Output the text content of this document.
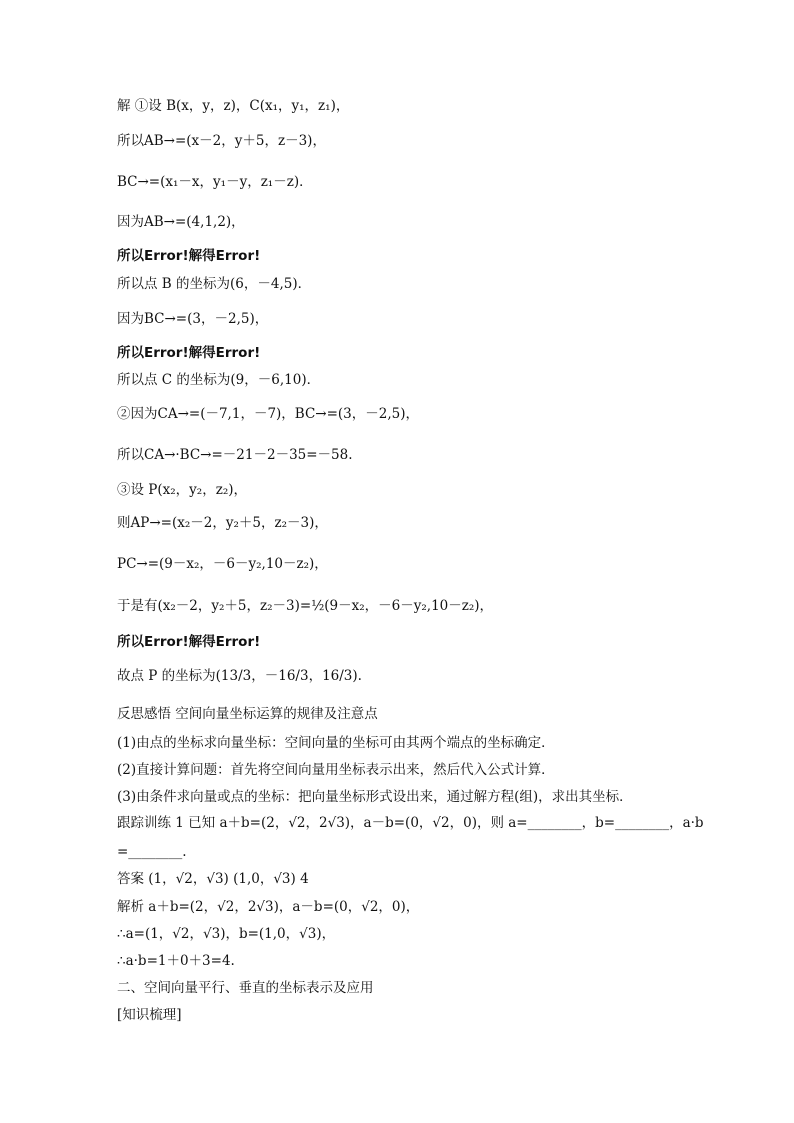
解 ①设 B(x，y，z)，C(x₁，y₁，z₁)，
所以AB→=(x－2，y＋5，z－3)，
BC→=(x₁－x，y₁－y，z₁－z)．
因为AB→=(4,1,2)，
所以Error!解得Error!
所以点 B 的坐标为(6，－4,5)．
因为BC→=(3，－2,5)，
所以Error!解得Error!
所以点 C 的坐标为(9，－6,10)．
②因为CA→=(－7,1，－7)，BC→=(3，－2,5)，
所以CA→·BC→=－21－2－35=－58.
③设 P(x₂，y₂，z₂)，
则AP→=(x₂－2，y₂＋5，z₂－3)，
PC→=(9－x₂，－6－y₂,10－z₂)，
于是有(x₂－2，y₂＋5，z₂－3)=½(9－x₂，－6－y₂,10－z₂)，
所以Error!解得Error!
故点 P 的坐标为(13/3，－16/3，16/3).
反思感悟 空间向量坐标运算的规律及注意点
(1)由点的坐标求向量坐标：空间向量的坐标可由其两个端点的坐标确定．
(2)直接计算问题：首先将空间向量用坐标表示出来，然后代入公式计算．
(3)由条件求向量或点的坐标：把向量坐标形式设出来，通过解方程(组)，求出其坐标．
跟踪训练 1 已知 a＋b=(2，√2，2√3)，a－b=(0，√2，0)，则 a=________，b=________，a·b
=________.
答案 (1，√2，√3) (1,0，√3) 4
解析 a＋b=(2，√2，2√3)，a－b=(0，√2，0)，
∴a=(1，√2，√3)，b=(1,0，√3)，
∴a·b=1＋0＋3=4.
二、空间向量平行、垂直的坐标表示及应用
[知识梳理]
